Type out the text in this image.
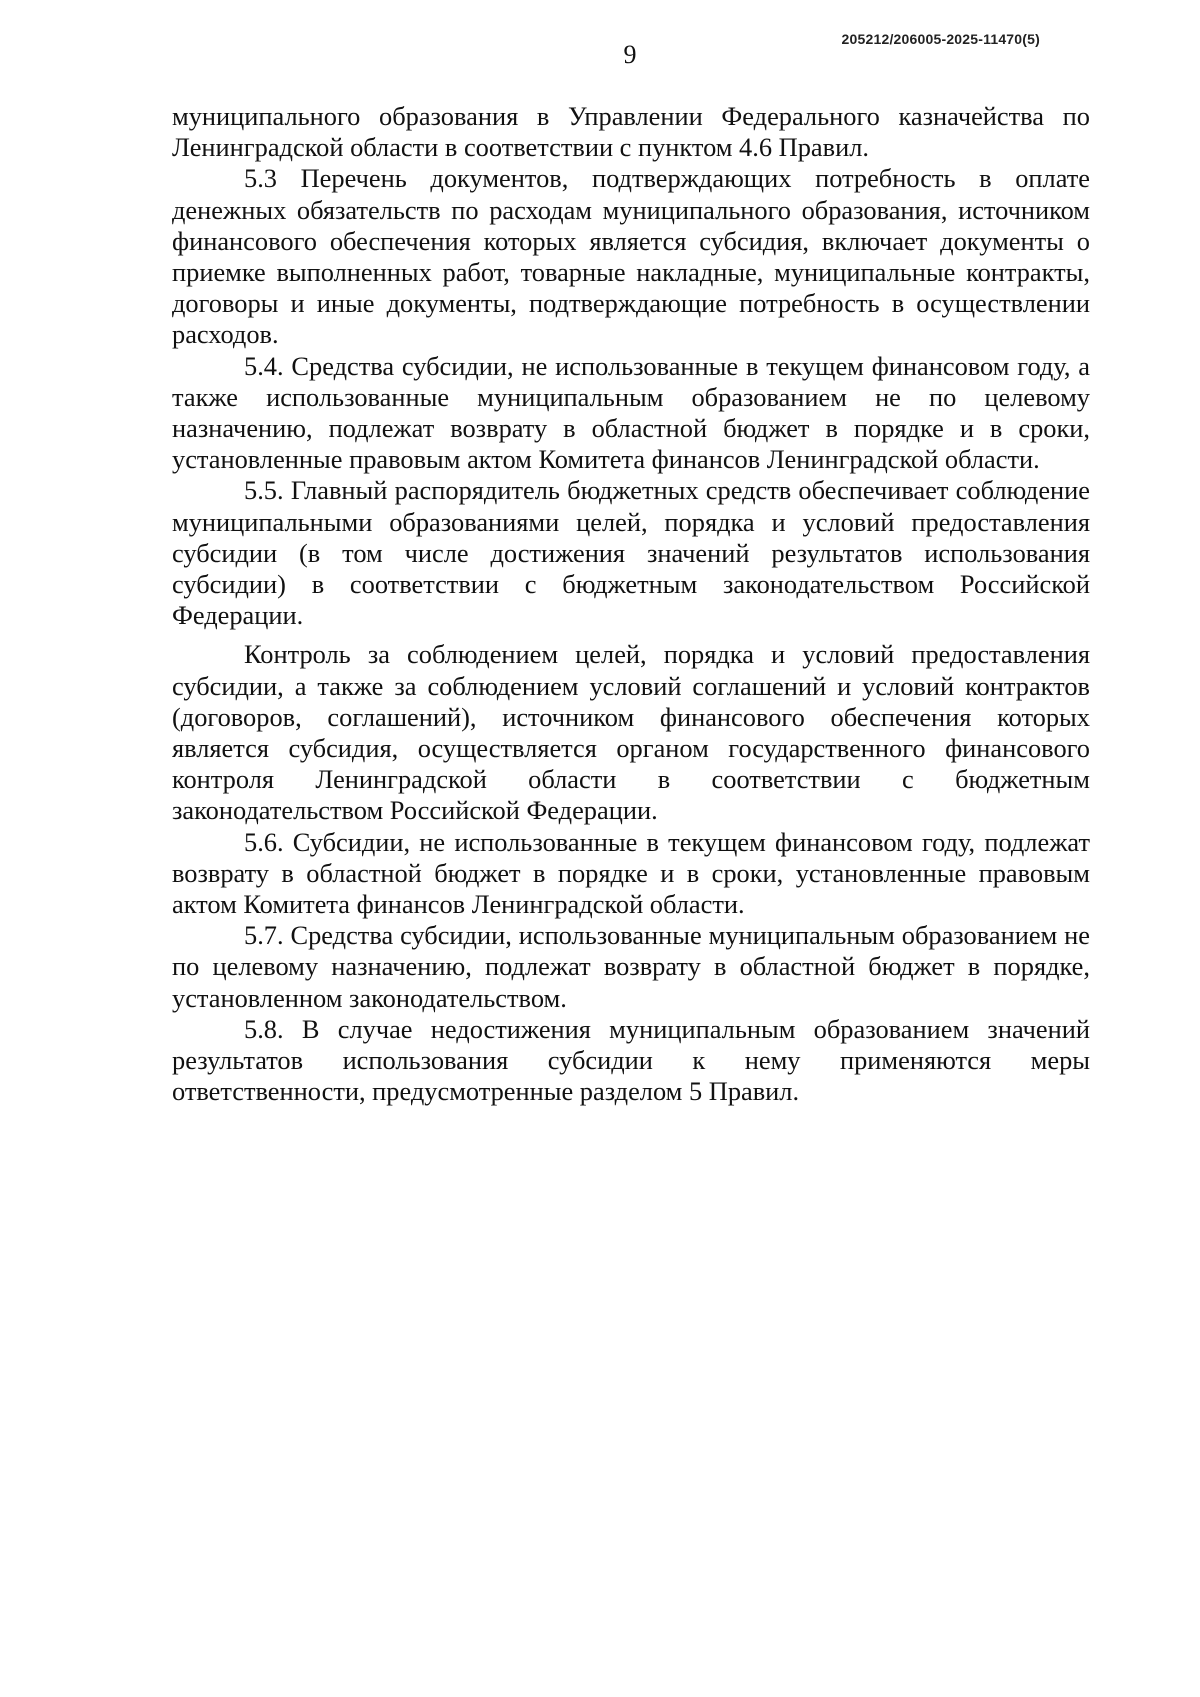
9
205212/206005-2025-11470(5)

муниципального образования в Управлении Федерального казначейства по Ленинградской области в соответствии с пунктом 4.6 Правил.

5.3 Перечень документов, подтверждающих потребность в оплате денежных обязательств по расходам муниципального образования, источником финансового обеспечения которых является субсидия, включает документы о приемке выполненных работ, товарные накладные, муниципальные контракты, договоры и иные документы, подтверждающие потребность в осуществлении расходов.

5.4. Средства субсидии, не использованные в текущем финансовом году, а также использованные муниципальным образованием не по целевому назначению, подлежат возврату в областной бюджет в порядке и в сроки, установленные правовым актом Комитета финансов Ленинградской области.

5.5. Главный распорядитель бюджетных средств обеспечивает соблюдение муниципальными образованиями целей, порядка и условий предоставления субсидии (в том числе достижения значений результатов использования субсидии) в соответствии с бюджетным законодательством Российской Федерации.

Контроль за соблюдением целей, порядка и условий предоставления субсидии, а также за соблюдением условий соглашений и условий контрактов (договоров, соглашений), источником финансового обеспечения которых является субсидия, осуществляется органом государственного финансового контроля Ленинградской области в соответствии с бюджетным законодательством Российской Федерации.

5.6. Субсидии, не использованные в текущем финансовом году, подлежат возврату в областной бюджет в порядке и в сроки, установленные правовым актом Комитета финансов Ленинградской области.

5.7. Средства субсидии, использованные муниципальным образованием не по целевому назначению, подлежат возврату в областной бюджет в порядке, установленном законодательством.

5.8. В случае недостижения муниципальным образованием значений результатов использования субсидии к нему применяются меры ответственности, предусмотренные разделом 5 Правил.
